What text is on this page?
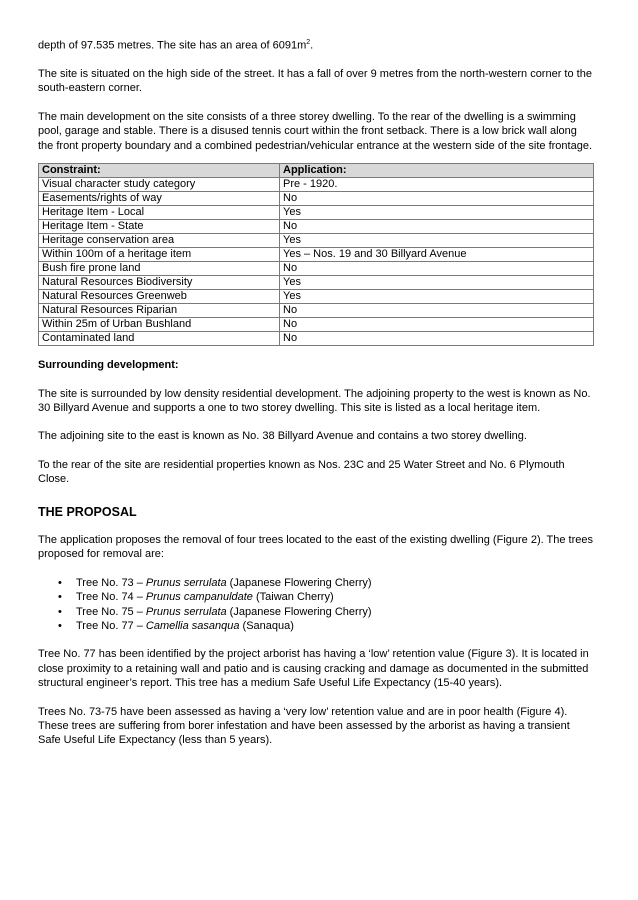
depth of 97.535 metres. The site has an area of $6091m^2$.

The site is situated on the high side of the street. It has a fall of over 9 metres from the north-western corner to the south-eastern corner.

The main development on the site consists of a three storey dwelling. To the rear of the dwelling is a swimming pool, garage and stable. There is a disused tennis court within the front setback. There is a low brick wall along the front property boundary and a combined pedestrian/vehicular entrance at the western side of the site frontage.

Constraint:	Application:
Visual character study category	Pre - 1920.
Easements/rights of way	No
Heritage Item - Local	Yes
Heritage Item - State	No
Heritage conservation area	Yes
Within 100m of a heritage item	Yes – Nos. 19 and 30 Billyard Avenue
Bush fire prone land	No
Natural Resources Biodiversity	Yes
Natural Resources Greenweb	Yes
Natural Resources Riparian	No
Within 25m of Urban Bushland	No
Contaminated land	No

Surrounding development:

The site is surrounded by low density residential development. The adjoining property to the west is known as No. 30 Billyard Avenue and supports a one to two storey dwelling. This site is listed as a local heritage item.

The adjoining site to the east is known as No. 38 Billyard Avenue and contains a two storey dwelling.

To the rear of the site are residential properties known as Nos. 23C and 25 Water Street and No. 6 Plymouth Close.

THE PROPOSAL

The application proposes the removal of four trees located to the east of the existing dwelling (Figure 2). The trees proposed for removal are:

• Tree No. 73 – Prunus serrulata (Japanese Flowering Cherry)
• Tree No. 74 – Prunus campanuldate (Taiwan Cherry)
• Tree No. 75 – Prunus serrulata (Japanese Flowering Cherry)
• Tree No. 77 – Camellia sasanqua (Sanaqua)

Tree No. 77 has been identified by the project arborist has having a ‘low’ retention value (Figure 3). It is located in close proximity to a retaining wall and patio and is causing cracking and damage as documented in the submitted structural engineer’s report. This tree has a medium Safe Useful Life Expectancy (15-40 years).

Trees No. 73-75 have been assessed as having a ‘very low’ retention value and are in poor health (Figure 4). These trees are suffering from borer infestation and have been assessed by the arborist as having a transient Safe Useful Life Expectancy (less than 5 years).
